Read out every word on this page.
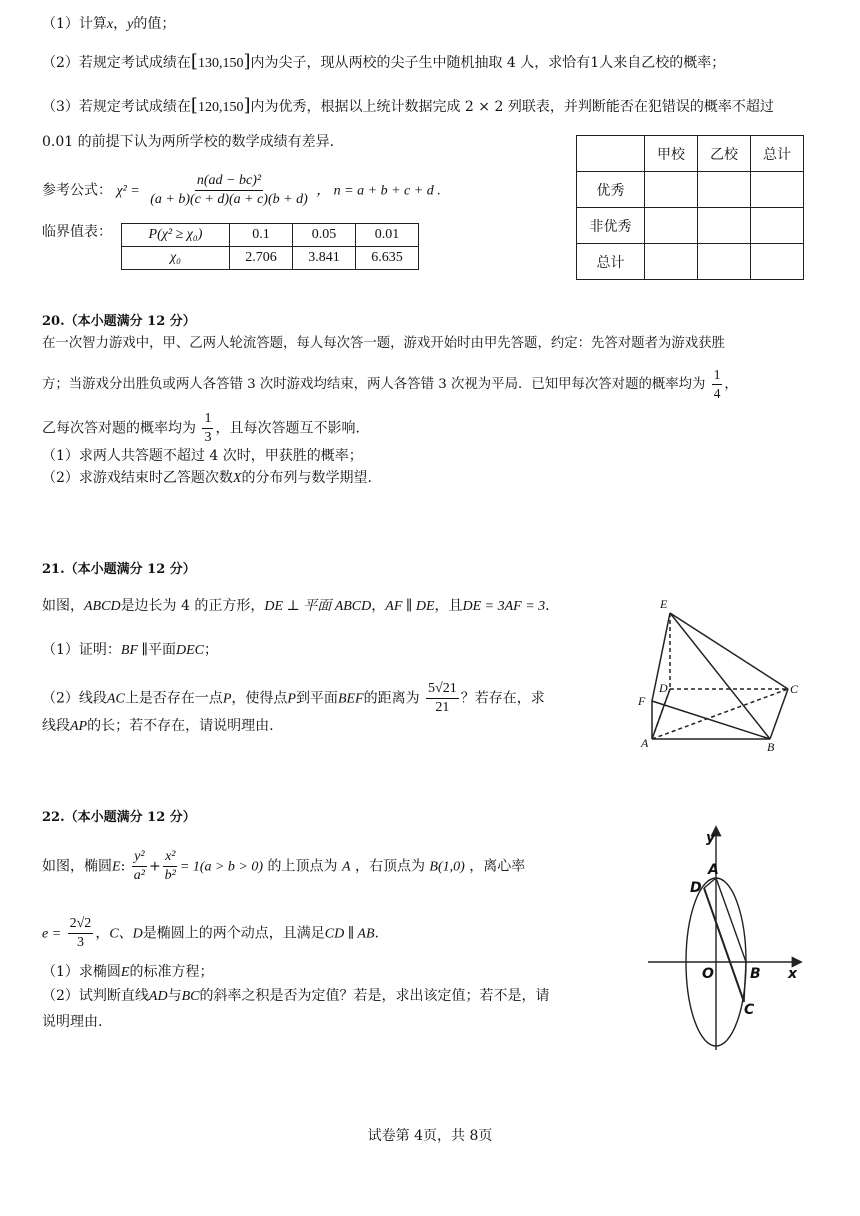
（1）计算x，y的值；
（2）若规定考试成绩在[130,150]内为尖子，现从两校的尖子生中随机抽取 4 人，求恰有1人来自乙校的概率；
（3）若规定考试成绩在[120,150]内为优秀，根据以上统计数据完成 2 × 2 列联表，并判断能否在犯错误的概率不超过
0.01 的前提下认为两所学校的数学成绩有差异.
参考公式： $\chi^2 = \frac{\text{n(ad − bc)²}}{(a + b)(c + d)(a + c)(b + d)}$ ， n = a + b + c + d .
临界值表：	P(χ² ≥ χ₀)	0.1	0.05	0.01
χ₀	2.706	3.841	6.635
	甲校	乙校	总计
优秀			
非优秀			
总计			
20.（本小题满分 12 分）
在一次智力游戏中，甲、乙两人轮流答题，每人每次答一题，游戏开始时由甲先答题，约定：先答对题者为游戏获胜
方；当游戏分出胜负或两人各答错 3 次时游戏均结束，两人各答错 3 次视为平局．已知甲每次答对题的概率均为 $\frac{1}{4}$ ，
乙每次答对题的概率均为 $\frac{1}{3}$ ，且每次答题互不影响.
（1）求两人共答题不超过 4 次时，甲获胜的概率；
（2）求游戏结束时乙答题次数X的分布列与数学期望.
21.（本小题满分 12 分）
如图，ABCD是边长为 4 的正方形，DE ⊥ 平面 ABCD，AF ∥ DE，且DE = 3AF = 3.
（1）证明：BF ∥平面DEC；
（2）线段AC上是否存在一点P，使得点P到平面BEF的距离为 $\frac{5√21}{21}$ ？若存在，求
线段AP的长；若不存在，请说明理由.
E
D	C
F
A	B
22.（本小题满分 12 分）
如图，椭圆E: $\frac{\text{y²}}{\text{a²}} + \frac{\text{x²}}{\text{b²}} = 1(a > b > 0)$ 的上顶点为 A ，右顶点为 B(1,0) ，离心率
$e = \frac{2√2}{3}$ ，C、D是椭圆上的两个动点，且满足CD ∥ AB.
（1）求椭圆E的标准方程；
（2）试判断直线AD与BC的斜率之积是否为定值？若是，求出该定值；若不是，请
说明理由.
y
x
A
D
O	B
C
试卷第 4页，共 8页
